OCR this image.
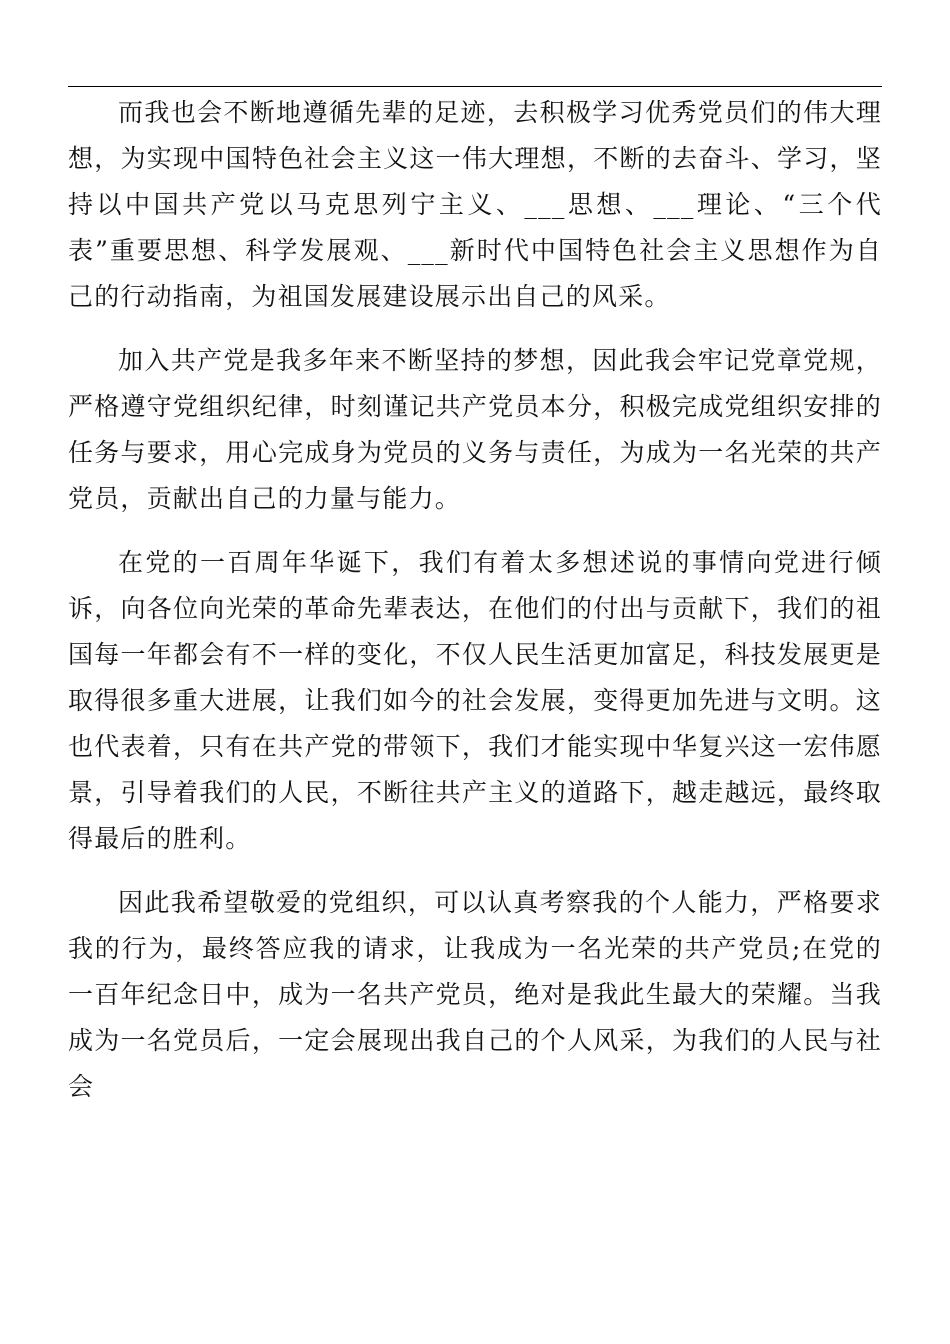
而我也会不断地遵循先辈的足迹，去积极学习优秀党员们的伟大理想，为实现中国特色社会主义这一伟大理想，不断的去奋斗、学习，坚持以中国共产党以马克思列宁主义、___思想、___理论、“三个代表”重要思想、科学发展观、___新时代中国特色社会主义思想作为自己的行动指南，为祖国发展建设展示出自己的风采。

加入共产党是我多年来不断坚持的梦想，因此我会牢记党章党规，严格遵守党组织纪律，时刻谨记共产党员本分，积极完成党组织安排的任务与要求，用心完成身为党员的义务与责任，为成为一名光荣的共产党员，贡献出自己的力量与能力。

在党的一百周年华诞下，我们有着太多想述说的事情向党进行倾诉，向各位向光荣的革命先辈表达，在他们的付出与贡献下，我们的祖国每一年都会有不一样的变化，不仅人民生活更加富足，科技发展更是取得很多重大进展，让我们如今的社会发展，变得更加先进与文明。这也代表着，只有在共产党的带领下，我们才能实现中华复兴这一宏伟愿景，引导着我们的人民，不断往共产主义的道路下，越走越远，最终取得最后的胜利。

因此我希望敬爱的党组织，可以认真考察我的个人能力，严格要求我的行为，最终答应我的请求，让我成为一名光荣的共产党员;在党的一百年纪念日中，成为一名共产党员，绝对是我此生最大的荣耀。当我成为一名党员后，一定会展现出我自己的个人风采，为我们的人民与社会
